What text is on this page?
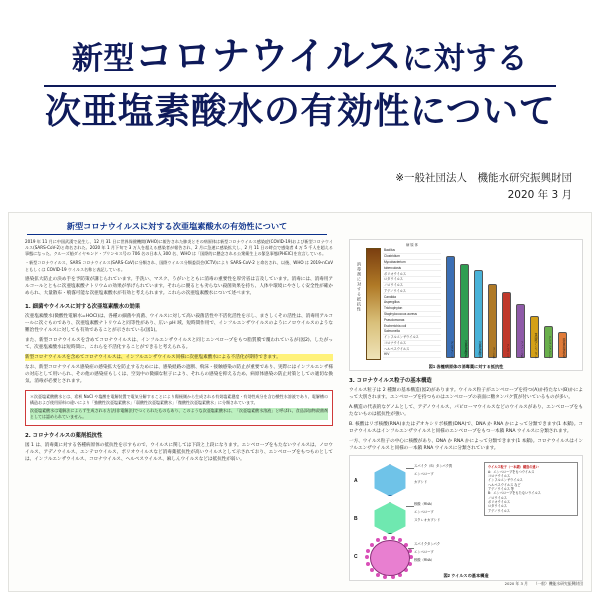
新型コロナウイルスに対する
次亜塩素酸水の有効性について
※一般社団法人　機能水研究振興財団
2020 年 3 月
新型コロナウイルスに対する次亜塩素酸水の有効性について

2019 年 11 月に中国武漢で発生し、12 月 31 日に世界保健機関(WHO)に報告された肺炎とその病原体は新型コロナウイルス感染症(COVID-19)および新型コロナウイルス(SARS-CoV-2)と命名された。2020 年 1 月下旬で 3 万人を超える感染者が報告され、2 月に急速に感染拡大し、2 月 11 日の時点で感染者 4 万 5 千人を超える事態になった。クルーズ船ダイヤモンド・プリンセス号の 706 名の日本人 300 名、WHO は「国際的に懸念される公衆衛生上の緊急事態(PHEIC)を宣言している。

・新型コロナウイルス、SARS コロナウイルス(SARS-CoV)に分類され、国際ウイルス分類委員会(ICTV)により SARS-CoV-2 と命名され、以後、WHO は 2019-nCoV ともしくは COVID-19 ウイルス名称と表記している。

感染拡大防止の決め手を予防策が講じられています。手洗い、マスク、うがいとともに消毒の重要性を厚労省は言及しています。消毒には、消毒用アルコールとともに次亜塩素酸ナトリウムの効果が挙げられています。それらに優るとも劣らない殺菌効果を持ち、人体や環境にやさしく安全性が確かめられ、大量散布・噴霧可能な次亜塩素酸水が有効と考えられます。これらの次亜塩素酸水について述べます。

1. 細菌やウイルスに対する次亜塩素酸水の効果

次亜塩素酸水(微酸性電解水=HOCl)は、各種の細菌や真菌、ウイルスに対して高い殺菌活性や不活化活性を示し、まさしくその活性は、消毒用アルコールに次ぐものであり、次亜塩素酸ナトリウムと同等性があり、広い pH 域、短時間作用で、インフルエンザウイルスのようにノロウイルスのような難治性ウイルスに対しても有効であることが示されている(図1)。

また、新型コロナウイルスを含めてコロナウイルスは、インフルエンザウイルスと同じエンベロープをもつ脂質膜で覆われているが(図2)、したがって、次亜塩素酸水は短時間に、これらを不活化することができると考えられる。

新型コロナウイルスを含めてコロナウイルスは、インフルエンザウイルス同様に次亜塩素酸水による不活化が期待できます。

なお、新型コロナウイルス感染症の感染拡大を防止するためには、感染経路の遮断、飛沫・接触感染の防止が重要であり、実際にはインフルエンザ様の対応として用いられ、その他の感染症もしくは、空気中の微細な粒子により、それらの感染を抑えるため、病原体感染の防止対策としての適切な換気、消毒が必要とされます。

＊次亜塩素酸酸水とは、希釈 NaCl や塩酸を電解装置で電気分解することにより陽極側から生成される有効塩素濃度・有効性成分を含む酸性水溶液であり、電解槽の構造および使用原料の違いにより「強酸性次亜塩素酸水」「弱酸性次亜塩素酸水」「微酸性次亜塩素酸水」に分類されています。

次亜塩素酸水は電解法によらず生成される方法(非電解法)でつくられたものもあり、このような次亜塩素酸水は、「次亜塩素酸水溶液」と呼ばれ、食品添加物殺菌剤としては認められていません。

2. コロナウイルスの薬剤抵抗性

図 1 は、消毒薬に対する各種病原体の抵抗性を示すもので、ウイルスに関しては下段と上段になります。エンベロープをもたないウイルスは、ノロウイルス、アデノウイルス、エンテロウイルス、ポリオウイルスなど消毒薬抵抗性が高いウイルスとして示されており、エンベロープをもつものとしては、インフルエンザウイルス、コロナウイルス、ヘルペスウイルス、麻しんウイルスなどは抵抗性が弱い。

消毒剤に対する抵抗性
病 原 体
Bacillus
Clostridium
Mycobacterium
tuberculosis
ポリオウイルス
ロタウイルス
ノロウイルス
アデノウイルス
Candida
Aspergillus
Trichophyton
Staphylococcus aureus
Pseudomonas
Escherichia coli
Salmonella
インフルエンザウイルス
コロナウイルス
ヘルペスウイルス
HIV	グルタラール	次亜塩素酸Na	次亜塩素酸水	ヨード系	アルコール	フェノール系	第四級アンモニウム	クロルヘキシジン	両性界面活性剤
図1 各種病原体の消毒薬に対する抵抗性
3. コロナウイルス粒子の基本構造

ウイルス粒子は 2 種類の基本構造(図2)があります。ウイルス粒子がエンベロープを持つ(A)か持たない(B)かによって大別されます。エンベロープを持つものはエンベロープの表面に糖タンパク質が付いているものが多い。

A.構造の代表的なゲノムとして、アデノウイルス、パピローマウイルスなどのウイルスがあり、エンベロープをもたないものは抵抗性が強い。

B. 核酸はリボ核酸(RNA)またはデオキシリボ核酸(DNA)で、DNA か RNA かによって分類できます(1 本鎖)。コロナウイルスはインフルエンザウイルスと同様のエンベロープをもつ一本鎖 RNA ウイルスに分類されます。

一方、ウイルス粒子の中心に核酸があり、DNA か RNA かによって分類できます(1 本鎖)。コロナウイルスはインフルエンザウイルスと同様の一本鎖 RNA ウイルスに分類されています。

A
B
C
スパイク（S）タンパク質
エンベロープ
カプシド
核酸（RNA）
エンベロープ
ヌクレオカプシド
スパイクタンパク
エンベロープ
核酸（RNA）
ウイルス粒子（一本鎖）構造の違い
A：エンベロープをもつウイルス
コロナウイルス
インフルエンザウイルス
ヘルペスウイルス など
アデノウイルス 等
B：エンベロープをもたないウイルス
ノロウイルス
ポリオウイルス
ロタウイルス
アデノウイルス
図2 ウイルスの基本構造
2020 年 3 月　　（一般）機能水研究振興財団
